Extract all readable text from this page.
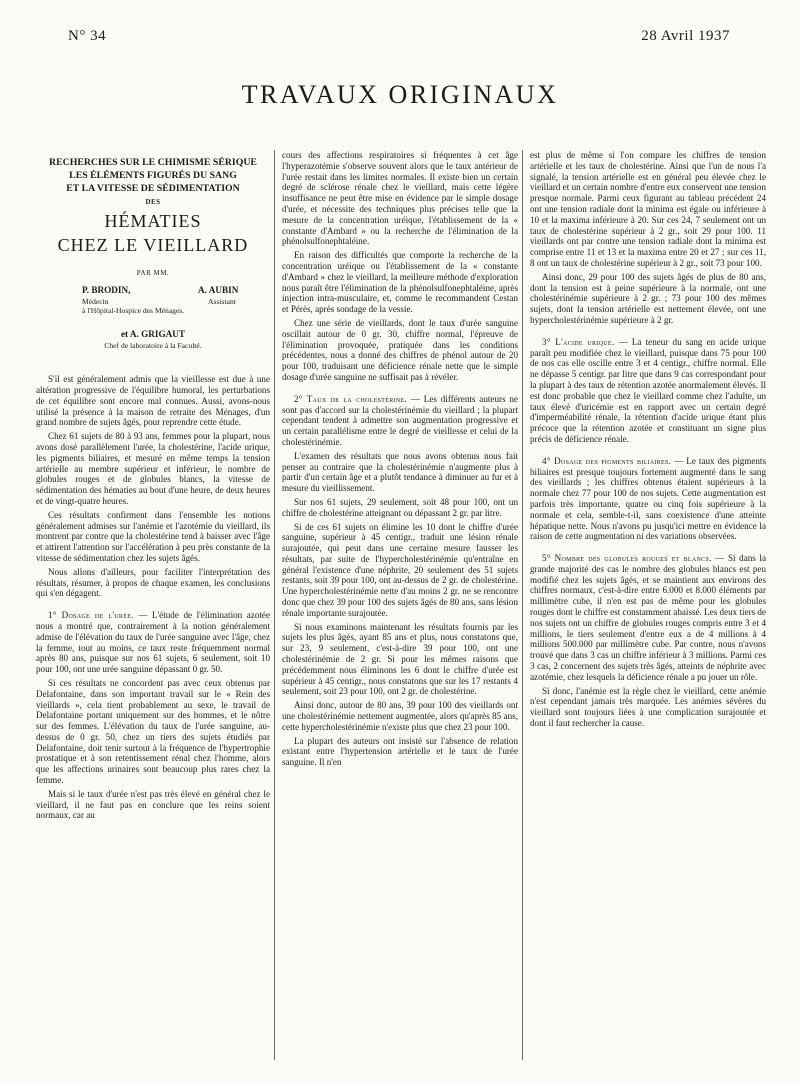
N° 34	28 Avril 1937
TRAVAUX ORIGINAUX
RECHERCHES SUR LE CHIMISME SÉRIQUE
LES ÉLÉMENTS FIGURÉS DU SANG
ET LA VITESSE DE SÉDIMENTATION
DES
HÉMATIES
CHEZ LE VIEILLARD
PAR MM.
P. BRODIN,	A. AUBIN
Médecin	Assistant
à l'Hôpital-Hospice des Ménages.
et A. GRIGAUT
Chef de laboratoire à la Faculté.

S'il est généralement admis que la vieillesse est due à une altération progressive de l'équilibre humoral, les perturbations de cet équilibre sont encore mal connues. Aussi, avons-nous utilisé la présence à la maison de retraite des Ménages, d'un grand nombre de sujets âgés, pour reprendre cette étude.

Chez 61 sujets de 80 à 93 ans, femmes pour la plupart, nous avons dosé parallèlement l'urée, la cholestérine, l'acide urique, les pigments biliaires, et mesuré en même temps la tension artérielle au membre supérieur et inférieur, le nombre de globules rouges et de globules blancs, la vitesse de sédimentation des hématies au bout d'une heure, de deux heures et de vingt-quatre heures.

Ces résultats confirment dans l'ensemble les notions généralement admises sur l'anémie et l'azotémie du vieillard, ils montrent par contre que la cholestérine tend à baisser avec l'âge et attirent l'attention sur l'accélération à peu près constante de la vitesse de sédimentation chez les sujets âgés.

Nous allons d'ailleurs, pour faciliter l'interprétation des résultats, résumer, à propos de chaque examen, les conclusions qui s'en dégagent.

1° Dosage de l'urée. — L'étude de l'élimination azotée nous a montré que, contrairement à la notion généralement admise de l'élévation du taux de l'urée sanguine avec l'âge, chez la femme, tout au moins, ce taux reste fréquemment normal après 80 ans, puisque sur nos 61 sujets, 6 seulement, soit 10 pour 100, ont une urée sanguine dépassant 0 gr. 50.

Si ces résultats ne concordent pas avec ceux obtenus par Delafontaine, dans son important travail sur le « Rein des vieillards », cela tient probablement au sexe, le travail de Delafontaine portant uniquement sur des hommes, et le nôtre sur des femmes. L'élévation du taux de l'urée sanguine, au-dessus de 0 gr. 50, chez un tiers des sujets étudiés par Delafontaine, doit tenir surtout à la fréquence de l'hypertrophie prostatique et à son retentissement rénal chez l'homme, alors que les affections urinaires sont beaucoup plus rares chez la femme.

Mais si le taux d'urée n'est pas très élevé en général chez le vieillard, il ne faut pas en conclure que les reins soient normaux, car au

cours des affections respiratoires si fréquentes à cet âge l'hyperazotémie s'observe souvent alors que le taux antérieur de l'urée restait dans les limites normales. Il existe bien un certain degré de sclérose rénale chez le vieillard, mais cette légère insuffisance ne peut être mise en évidence par le simple dosage d'urée, et nécessite des techniques plus précises telle que la mesure de la concentration uréique, l'établissement de la « constante d'Ambard » ou la recherche de l'élimination de la phénolsulfonephtaléine.

En raison des difficultés que comporte la recherche de la concentration uréique ou l'établissement de la « constante d'Ambard » chez le vieillard, la meilleure méthode d'exploration nous paraît être l'élimination de la phénolsulfonephtaléine, après injection intra-musculaire, et, comme le recommandent Cestan et Pérès, après sondage de la vessie.

Chez une série de vieillards, dont le taux d'urée sanguine oscillait autour de 0 gr. 30, chiffre normal, l'épreuve de l'élimination provoquée, pratiquée dans les conditions précédentes, nous a donné des chiffres de phénol autour de 20 pour 100, traduisant une déficience rénale nette que le simple dosage d'urée sanguine ne suffisait pas à révéler.

2° Taux de la cholestérine. — Les différents auteurs ne sont pas d'accord sur la cholestérinémie du vieillard ; la plupart cependant tendent à admettre son augmentation progressive et un certain parallélisme entre le degré de vieillesse et celui de la cholestérinémie.

L'examen des résultats que nous avons obtenus nous fait penser au contraire que la cholestérinémie n'augmente plus à partir d'un certain âge et a plutôt tendance à diminuer au fur et à mesure du vieillissement.

Sur nos 61 sujets, 29 seulement, soit 48 pour 100, ont un chiffre de cholestérine atteignant ou dépassant 2 gr. par litre.

Si de ces 61 sujets on élimine les 10 dont le chiffre d'urée sanguine, supérieur à 45 centigr., traduit une lésion rénale surajoutée, qui peut dans une certaine mesure fausser les résultats, par suite de l'hypercholestérinémie qu'entraîne en général l'existence d'une néphrite, 20 seulement des 51 sujets restants, soit 39 pour 100, ont au-dessus de 2 gr. de cholestérine. Une hypercholestérinémie nette d'au moins 2 gr. ne se rencontre donc que chez 39 pour 100 des sujets âgés de 80 ans, sans lésion rénale importante surajoutée.

Si nous examinons maintenant les résultats fournis par les sujets les plus âgés, ayant 85 ans et plus, nous constatons que, sur 23, 9 seulement, c'est-à-dire 39 pour 100, ont une cholestérinémie de 2 gr. Si pour les mêmes raisons que précédemment nous éliminons les 6 dont le chiffre d'urée est supérieur à 45 centigr., nous constatons que sur les 17 restants 4 seulement, soit 23 pour 100, ont 2 gr. de cholestérine.

Ainsi donc, autour de 80 ans, 39 pour 100 des vieillards ont une cholestérinémie nettement augmentée, alors qu'après 85 ans, cette hypercholestérinémie n'existe plus que chez 23 pour 100.

La plupart des auteurs ont insisté sur l'absence de relation existant entre l'hypertension artérielle et le taux de l'urée sanguine. Il n'en

est plus de même si l'on compare les chiffres de tension artérielle et les taux de cholestérine. Ainsi que l'un de nous l'a signalé, la tension artérielle est en général peu élevée chez le vieillard et un certain nombre d'entre eux conservent une tension presque normale. Parmi ceux figurant au tableau précédent 24 ont une tension radiale dont la minima est égale ou inférieure à 10 et la maxima inférieure à 20. Sur ces 24, 7 seulement ont un taux de cholestérine supérieur à 2 gr., soit 29 pour 100. 11 vieillards ont par contre une tension radiale dont la minima est comprise entre 11 et 13 et la maxima entre 20 et 27 ; sur ces 11, 8 ont un taux de cholestérine supérieur à 2 gr., soit 73 pour 100.

Ainsi donc, 29 pour 100 des sujets âgés de plus de 80 ans, dont la tension est à peine supérieure à la normale, ont une cholestérinémie supérieure à 2 gr. ; 73 pour 100 des mêmes sujets, dont la tension artérielle est nettement élevée, ont une hypercholestérinémie supérieure à 2 gr.

3° L'acide urique. — La teneur du sang en acide urique paraît peu modifiée chez le vieillard, puisque dans 75 pour 100 de nos cas elle oscille entre 3 et 4 centigr., chiffre normal. Elle ne dépasse 5 centigr. par litre que dans 9 cas correspondant pour la plupart à des taux de rétention azotée anormalement élevés. Il est donc probable que chez le vieillard comme chez l'adulte, un taux élevé d'uricémie est en rapport avec un certain degré d'imperméabilité rénale, la rétention d'acide urique étant plus précoce que la rétention azotée et constituant un signe plus précis de déficience rénale.

4° Dosage des pigments biliaires. — Le taux des pigments biliaires est presque toujours fortement augmenté dans le sang des vieillards ; les chiffres obtenus étaient supérieurs à la normale chez 77 pour 100 de nos sujets. Cette augmentation est parfois très importante, quatre ou cinq fois supérieure à la normale et cela, semble-t-il, sans coexistence d'une atteinte hépatique nette. Nous n'avons pu jusqu'ici mettre en évidence la raison de cette augmentation ni des variations observées.

5° Nombre des globules rouges et blancs. — Si dans la grande majorité des cas le nombre des globules blancs est peu modifié chez les sujets âgés, et se maintient aux environs des chiffres normaux, c'est-à-dire entre 6.000 et 8.000 éléments par millimètre cube, il n'en est pas de même pour les globules rouges dont le chiffre est constamment abaissé. Les deux tiers de nos sujets ont un chiffre de globules rouges compris entre 3 et 4 millions, le tiers seulement d'entre eux a de 4 millions à 4 millions 500.000 par millimètre cube. Par contre, nous n'avons trouvé que dans 3 cas un chiffre inférieur à 3 millions. Parmi ces 3 cas, 2 concernent des sujets très âgés, atteints de néphrite avec azotémie, chez lesquels la déficience rénale a pu jouer un rôle.

Si donc, l'anémie est la règle chez le vieillard, cette anémie n'est cependant jamais très marquée. Les anémies sévères du vieillard sont toujours liées à une complication surajoutée et dont il faut rechercher la cause.
